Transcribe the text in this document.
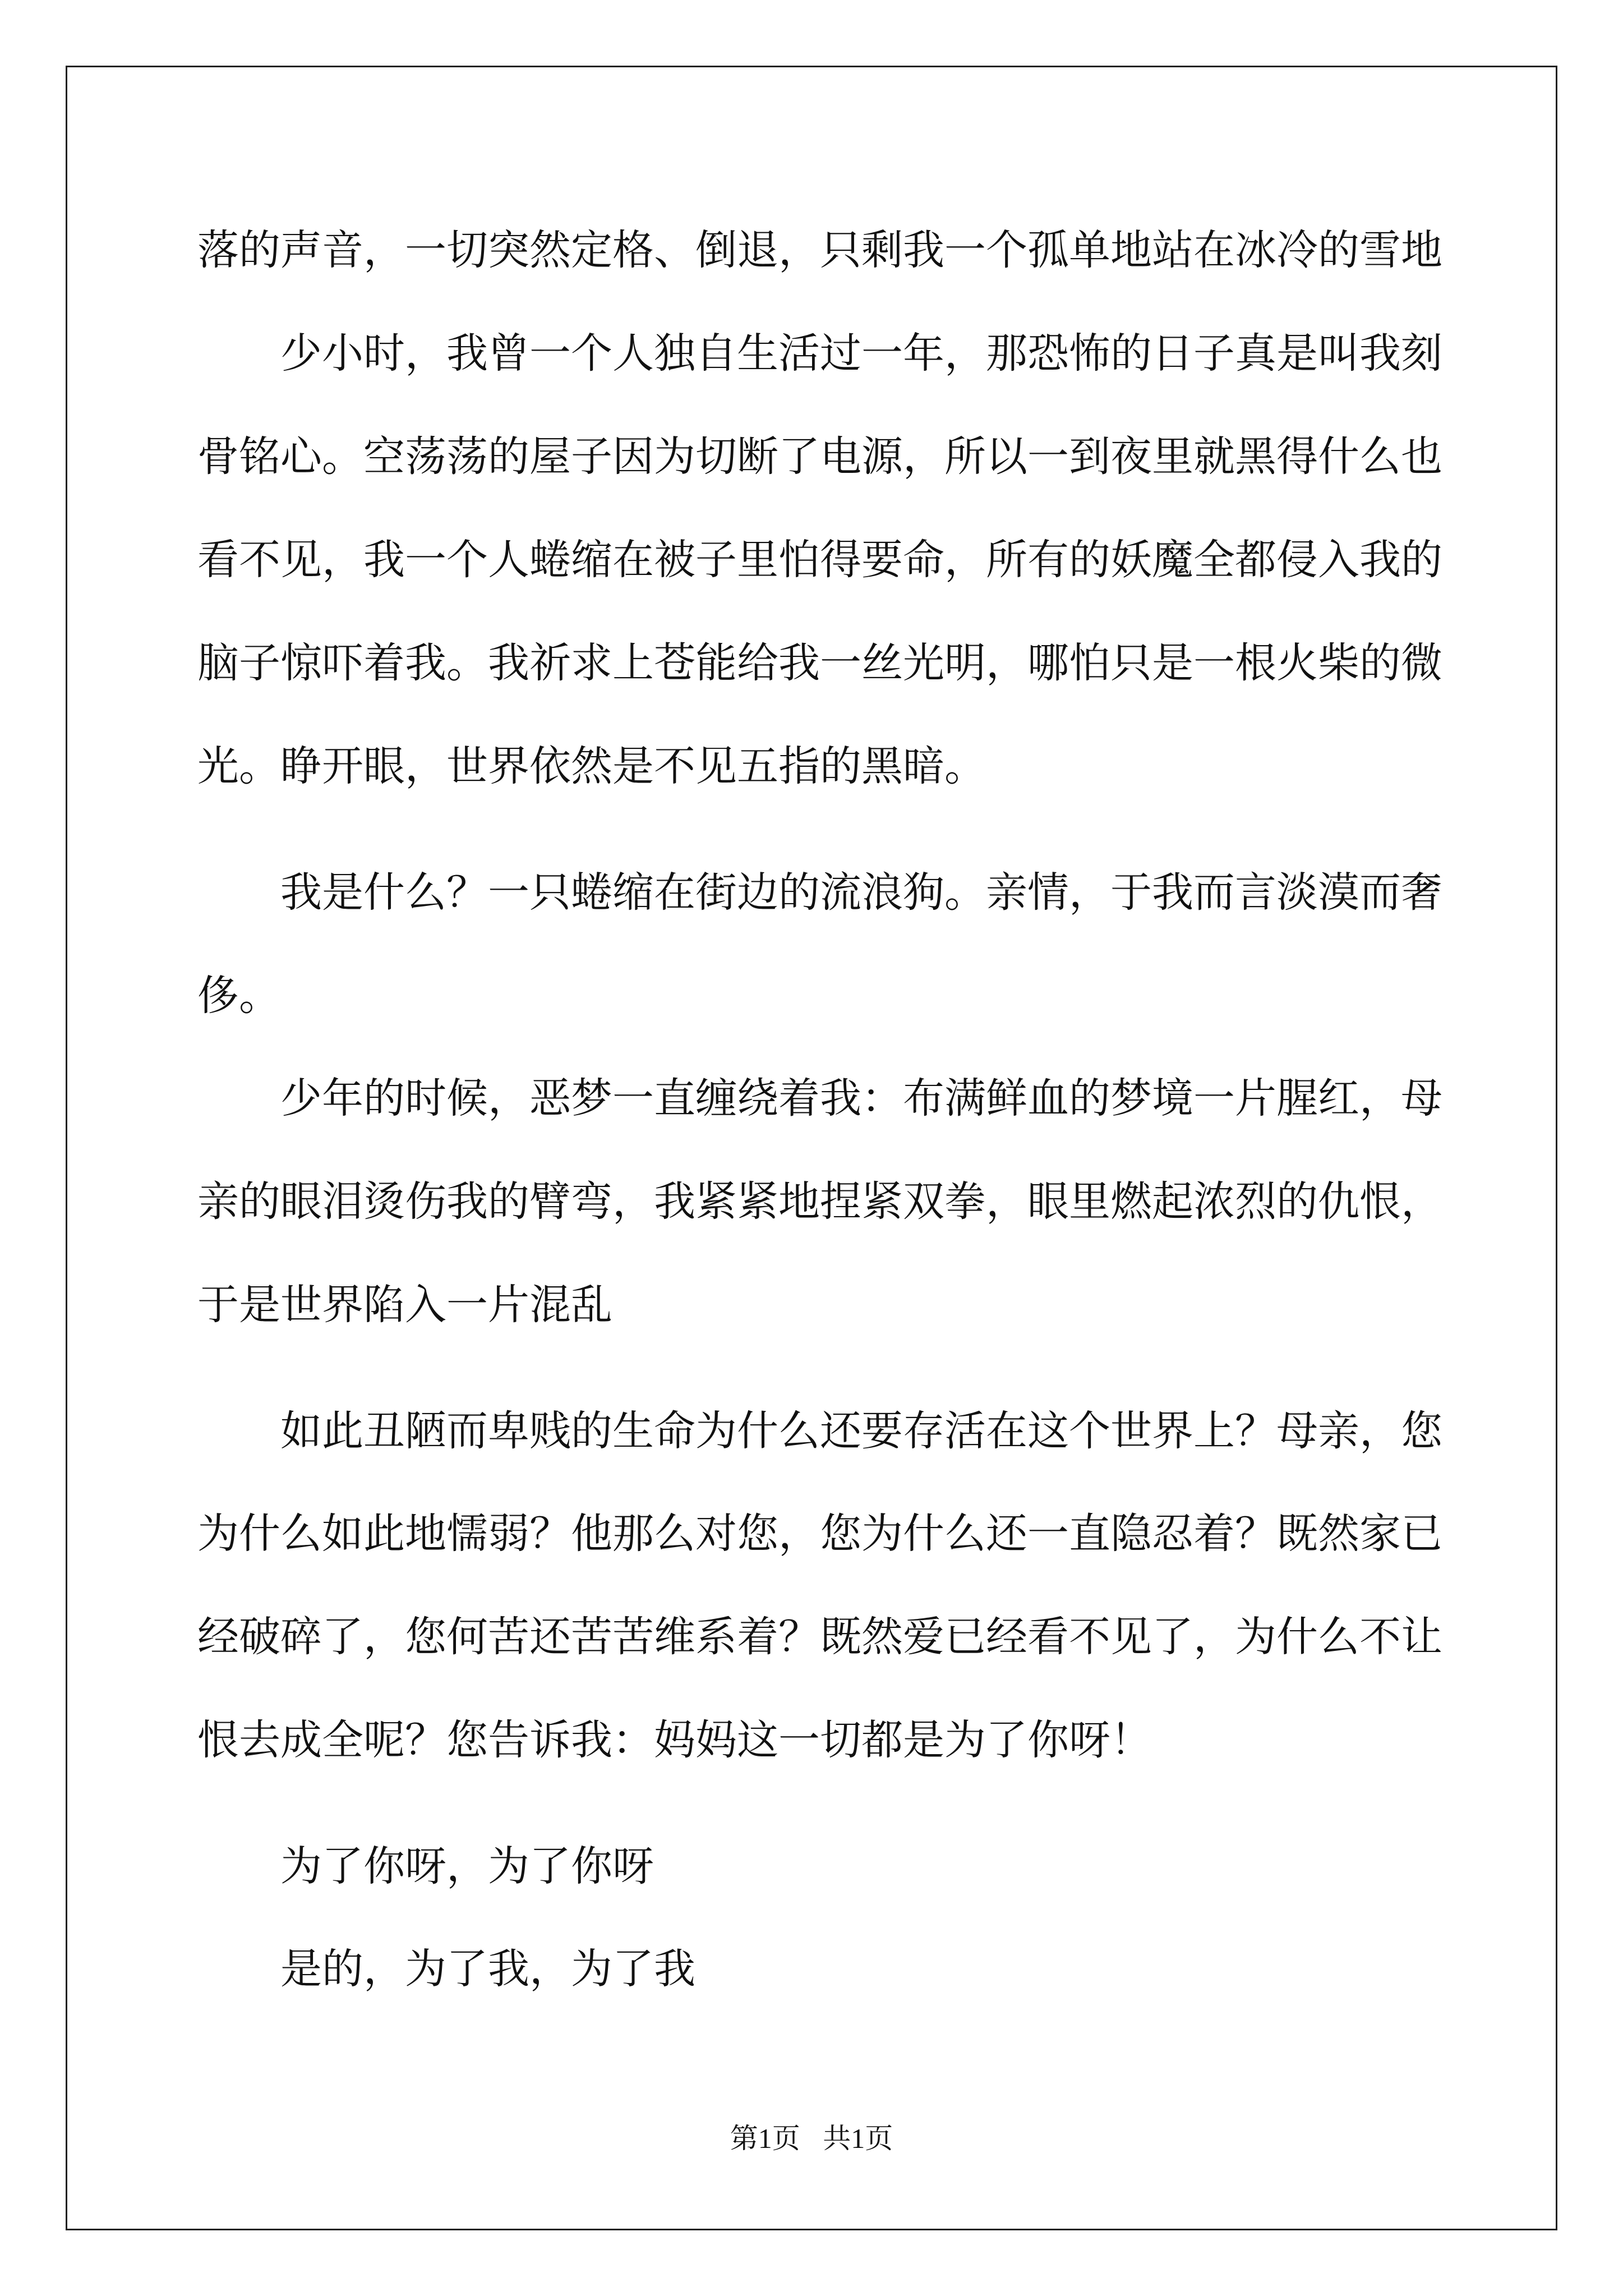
落的声音，一切突然定格、倒退，只剩我一个孤单地站在冰冷的雪地

少小时，我曾一个人独自生活过一年，那恐怖的日子真是叫我刻

骨铭心。空荡荡的屋子因为切断了电源，所以一到夜里就黑得什么也

看不见，我一个人蜷缩在被子里怕得要命，所有的妖魔全都侵入我的

脑子惊吓着我。我祈求上苍能给我一丝光明，哪怕只是一根火柴的微

光。睁开眼，世界依然是不见五指的黑暗。

我是什么？一只蜷缩在街边的流浪狗。亲情，于我而言淡漠而奢

侈。

少年的时候，恶梦一直缠绕着我：布满鲜血的梦境一片腥红，母

亲的眼泪烫伤我的臂弯，我紧紧地捏紧双拳，眼里燃起浓烈的仇恨，

于是世界陷入一片混乱

如此丑陋而卑贱的生命为什么还要存活在这个世界上？母亲，您

为什么如此地懦弱？他那么对您，您为什么还一直隐忍着？既然家已

经破碎了，您何苦还苦苦维系着？既然爱已经看不见了，为什么不让

恨去成全呢？您告诉我：妈妈这一切都是为了你呀！

为了你呀，为了你呀

是的，为了我，为了我

第1页 共1页
